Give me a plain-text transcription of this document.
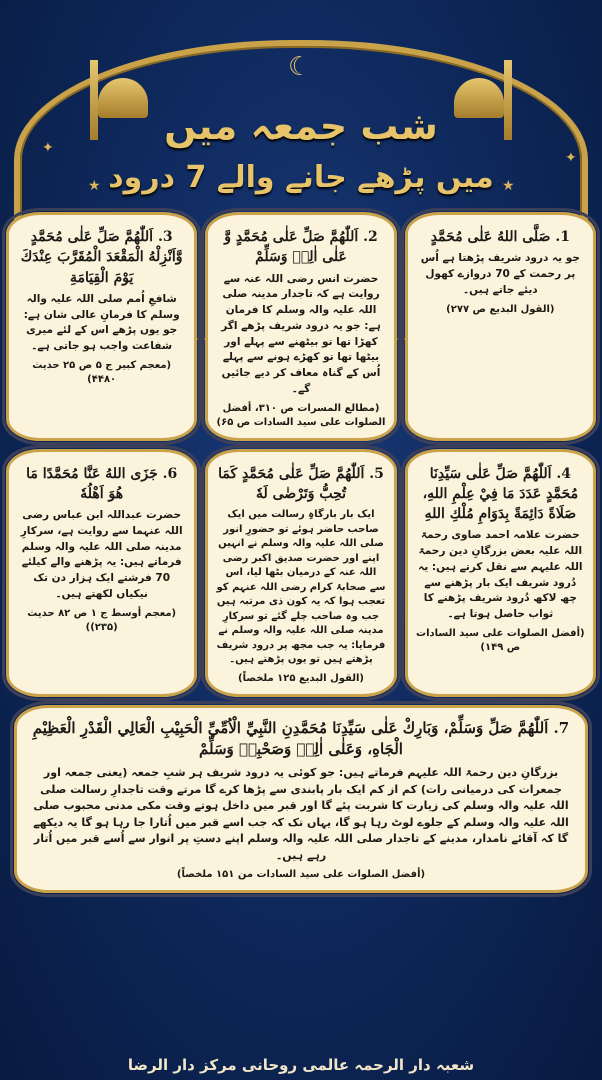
☾
✦
★	★
✦
شب جمعہ میں
میں پڑھے جانے والے 7 درود
1. صَلَّى اللهُ عَلٰى مُحَمَّدٍ
جو یہ درود شریف پڑھتا ہے اُس پر رحمت کے 70 دروازے کھول دیئے جاتے ہیں۔
(القول البدیع ص ۲۷۷)
2. اَللّٰهُمَّ صَلِّ عَلٰى مُحَمَّدٍ وَّ عَلٰى اٰلِهٖ وَسَلِّمْ
حضرت انس رضی اللہ عنہ سے روایت ہے کہ تاجدار مدینہ صلی اللہ علیہ والہ وسلم کا فرمان ہے: جو یہ درود شریف پڑھے اگر کھڑا تھا تو بیٹھنے سے پہلے اور بیٹھا تھا تو کھڑے ہونے سے پہلے اُس کے گناہ معاف کر دیے جائیں گے۔
(مطالع المسرات ص ۳۱۰، أفضل الصلوات علی سید السادات ص ۶۵)
3. اَللّٰهُمَّ صَلِّ عَلٰى مُحَمَّدٍ وَّاَنْزِلْهُ الْمَقْعَدَ الْمُقَرَّبَ عِنْدَكَ يَوْمَ الْقِيَامَةِ
شافعِ اُمم صلی اللہ علیہ والہ وسلم کا فرمانِ عالی شان ہے: جو یوں پڑھے اس کے لئے میری شفاعت واجب ہو جاتی ہے۔
(معجم کبیر ج ۵ ص ۲۵ حدیث ۴۴۸۰)
4. اَللّٰهُمَّ صَلِّ عَلٰى سَيِّدِنَا مُحَمَّدٍ عَدَدَ مَا فِيْ عِلْمِ اللهِ، صَلَاةً دَائِمَةً بِدَوَامِ مُلْكِ اللهِ
حضرت علامہ احمد صاوی رحمۃ اللہ علیہ بعض بزرگانِ دین رحمۃ اللہ علیہم سے نقل کرتے ہیں: یہ دُرود شریف ایک بار پڑھنے سے چھ لاکھ دُرود شریف پڑھنے کا ثواب حاصل ہوتا ہے۔
(أفضل الصلوات علی سید السادات ص ۱۴۹)
5. اَللّٰهُمَّ صَلِّ عَلٰى مُحَمَّدٍ كَمَا تُحِبُّ وَتَرْضٰى لَهٗ
ایک بار بارگاہِ رسالت میں ایک صاحب حاضر ہوئے تو حضورِ انور صلی اللہ علیہ والہ وسلم نے انہیں اپنے اور حضرت صدیق اکبر رضی اللہ عنہ کے درمیان بٹھا لیا، اس سے صحابۂ کرام رضی اللہ عنہم کو تعجب ہوا کہ یہ کون ذی مرتبہ ہیں جب وہ صاحب چلے گئے تو سرکارِ مدینہ صلی اللہ علیہ والہ وسلم نے فرمایا: یہ جب مجھ پر درود شریف پڑھتے ہیں تو یوں پڑھتے ہیں۔
(القول البدیع ۱۲۵ ملخصاً)
6. جَزَى اللهُ عَنَّا مُحَمَّدًا مَا هُوَ اَهْلُهٗ
حضرت عبداللہ ابن عباس رضی اللہ عنہما سے روایت ہے، سرکارِ مدینہ صلی اللہ علیہ والہ وسلم فرماتے ہیں: یہ پڑھنے والے کیلئے 70 فرشتے ایک ہزار دن تک نیکیاں لکھتے ہیں۔
(معجم أوسط ج ۱ ص ۸۲ حدیث (۲۳۵))
7. اَللّٰهُمَّ صَلِّ وَسَلِّمْ، وَبَارِكْ عَلٰى سَيِّدِنَا مُحَمَّدِنِ النَّبِيِّ الْاُمِّيِّ الْحَبِيْبِ الْعَالِي الْقَدْرِ الْعَظِيْمِ الْجَاهِ، وَعَلٰى اٰلِهٖ وَصَحْبِهٖ وَسَلِّمْ
بزرگانِ دین رحمۃ اللہ علیہم فرماتے ہیں: جو کوئی یہ درود شریف ہر شبِ جمعہ (یعنی جمعہ اور جمعرات کی درمیانی رات) کم از کم ایک بار پابندی سے پڑھا کرے گا مرتے وقت تاجدارِ رسالت صلی اللہ علیہ والہ وسلم کی زیارت کا شربت پئے گا اور قبر میں داخل ہوتے وقت مکی مدنی محبوب صلی اللہ علیہ والہ وسلم کے جلوے لوٹ رہا ہو گا، یہاں تک کہ جب اسے قبر میں اُتارا جا رہا ہو گا یہ دیکھے گا کہ آقائے نامدار، مدینے کے تاجدار صلی اللہ علیہ والہ وسلم اپنے دستِ پر انوار سے اُسے قبر میں اُتار رہے ہیں۔
(أفضل الصلوات علی سید السادات من ۱۵۱ ملخصاً)
شعبہ دار الرحمہ عالمی روحانی مرکز دار الرضا
